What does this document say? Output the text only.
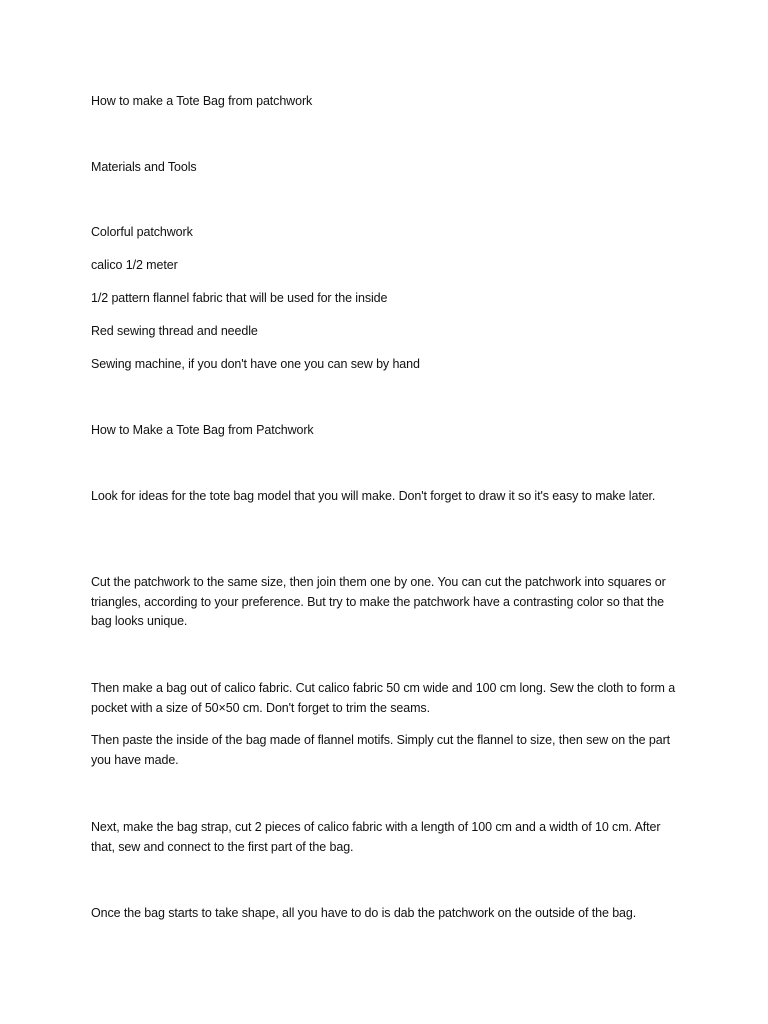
How to make a Tote Bag from patchwork

Materials and Tools

Colorful patchwork

calico 1/2 meter

1/2 pattern flannel fabric that will be used for the inside

Red sewing thread and needle

Sewing machine, if you don't have one you can sew by hand

How to Make a Tote Bag from Patchwork

Look for ideas for the tote bag model that you will make. Don't forget to draw it so it's easy to make later.

Cut the patchwork to the same size, then join them one by one. You can cut the patchwork into squares or triangles, according to your preference. But try to make the patchwork have a contrasting color so that the bag looks unique.

Then make a bag out of calico fabric. Cut calico fabric 50 cm wide and 100 cm long. Sew the cloth to form a pocket with a size of 50×50 cm. Don't forget to trim the seams.

Then paste the inside of the bag made of flannel motifs. Simply cut the flannel to size, then sew on the part you have made.

Next, make the bag strap, cut 2 pieces of calico fabric with a length of 100 cm and a width of 10 cm. After that, sew and connect to the first part of the bag.

Once the bag starts to take shape, all you have to do is dab the patchwork on the outside of the bag.
